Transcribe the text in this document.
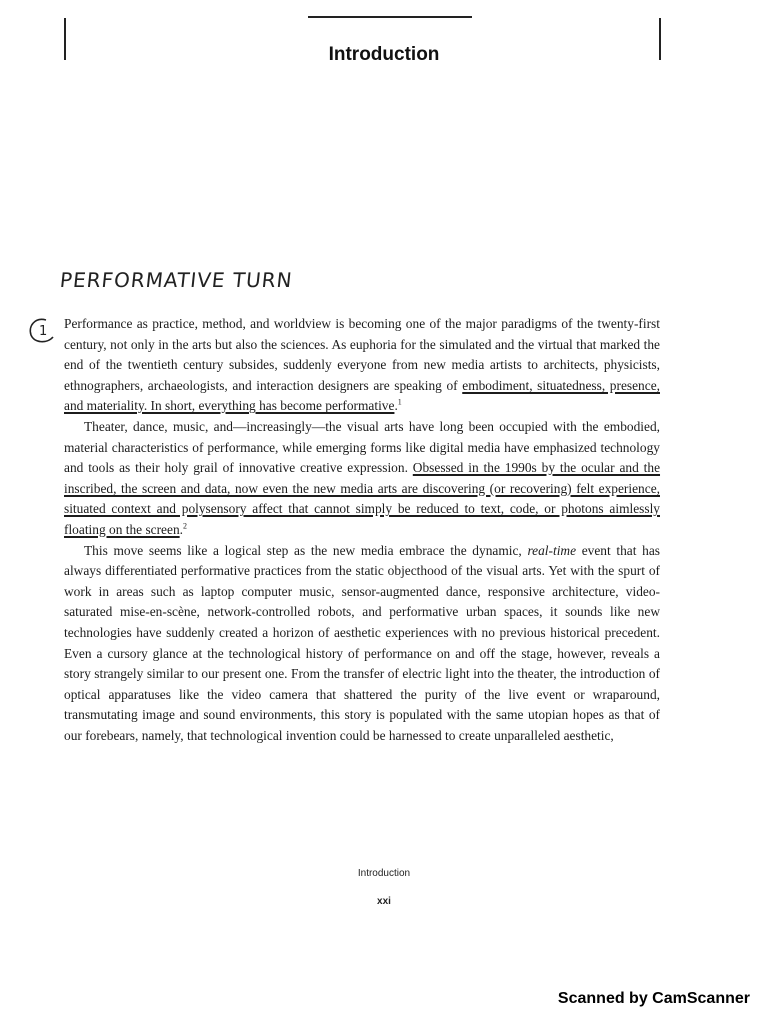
Introduction
PERFORMATIVE TURN
1

Performance as practice, method, and worldview is becoming one of the major paradigms of the twenty-first century, not only in the arts but also the sciences. As euphoria for the simulated and the virtual that marked the end of the twentieth century subsides, suddenly everyone from new media artists to architects, physicists, ethnographers, archaeologists, and interaction designers are speaking of embodiment, situatedness, presence, and materiality. In short, everything has become performative.$^1$

Theater, dance, music, and—increasingly—the visual arts have long been occupied with the embodied, material characteristics of performance, while emerging forms like digital media have emphasized technology and tools as their holy grail of innovative creative expression. Obsessed in the 1990s by the ocular and the inscribed, the screen and data, now even the new media arts are discovering (or recovering) felt experience, situated context and polysensory affect that cannot simply be reduced to text, code, or photons aimlessly floating on the screen.$^2$

This move seems like a logical step as the new media embrace the dynamic, real-time event that has always differentiated performative practices from the static objecthood of the visual arts. Yet with the spurt of work in areas such as laptop computer music, sensor-augmented dance, responsive architecture, video-saturated mise-en-scène, network-controlled robots, and performative urban spaces, it sounds like new technologies have suddenly created a horizon of aesthetic experiences with no previous historical precedent. Even a cursory glance at the technological history of performance on and off the stage, however, reveals a story strangely similar to our present one. From the transfer of electric light into the theater, the introduction of optical apparatuses like the video camera that shattered the purity of the live event or wraparound, transmutating image and sound environments, this story is populated with the same utopian hopes as that of our forebears, namely, that technological invention could be harnessed to create unparalleled aesthetic,

Introduction
xxi
Scanned by CamScanner
